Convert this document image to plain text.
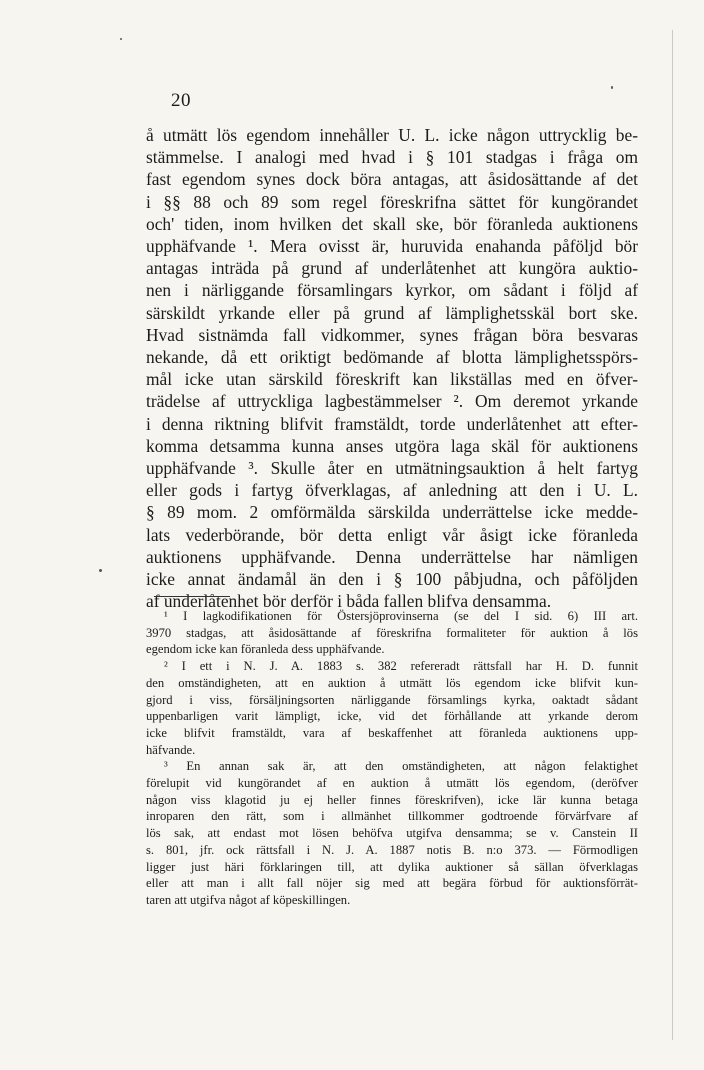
20
å utmätt lös egendom innehåller U. L. icke någon uttrycklig be-
stämmelse. I analogi med hvad i § 101 stadgas i fråga om
fast egendom synes dock böra antagas, att åsidosättande af det
i §§ 88 och 89 som regel föreskrifna sättet för kungörandet
och' tiden, inom hvilken det skall ske, bör föranleda auktionens
upphäfvande ¹. Mera ovisst är, huruvida enahanda påföljd bör
antagas inträda på grund af underlåtenhet att kungöra auktio-
nen i närliggande församlingars kyrkor, om sådant i följd af
särskildt yrkande eller på grund af lämplighetsskäl bort ske.
Hvad sistnämda fall vidkommer, synes frågan böra besvaras
nekande, då ett oriktigt bedömande af blotta lämplighetsspörs-
mål icke utan särskild föreskrift kan likställas med en öfver-
trädelse af uttryckliga lagbestämmelser ². Om deremot yrkande
i denna riktning blifvit framstäldt, torde underlåtenhet att efter-
komma detsamma kunna anses utgöra laga skäl för auktionens
upphäfvande ³. Skulle åter en utmätningsauktion å helt fartyg
eller gods i fartyg öfverklagas, af anledning att den i U. L.
§ 89 mom. 2 omförmälda särskilda underrättelse icke medde-
lats vederbörande, bör detta enligt vår åsigt icke föranleda
auktionens upphäfvande. Denna underrättelse har nämligen
icke annat ändamål än den i § 100 påbjudna, och påföljden
af underlåtenhet bör derför i båda fallen blifva densamma.
¹ I lagkodifikationen för Östersjöprovinserna (se del I sid. 6) III art.
3970 stadgas, att åsidosättande af föreskrifna formaliteter för auktion å lös
egendom icke kan föranleda dess upphäfvande.
² I ett i N. J. A. 1883 s. 382 refereradt rättsfall har H. D. funnit
den omständigheten, att en auktion å utmätt lös egendom icke blifvit kun-
gjord i viss, försäljningsorten närliggande församlings kyrka, oaktadt sådant
uppenbarligen varit lämpligt, icke, vid det förhållande att yrkande derom
icke blifvit framstäldt, vara af beskaffenhet att föranleda auktionens upp-
häfvande.
³ En annan sak är, att den omständigheten, att någon felaktighet
förelupit vid kungörandet af en auktion å utmätt lös egendom, (deröfver
någon viss klagotid ju ej heller finnes föreskrifven), icke lär kunna betaga
inroparen den rätt, som i allmänhet tillkommer godtroende förvärfvare af
lös sak, att endast mot lösen behöfva utgifva densamma; se v. Canstein II
s. 801, jfr. ock rättsfall i N. J. A. 1887 notis B. n:o 373. — Förmodligen
ligger just häri förklaringen till, att dylika auktioner så sällan öfverklagas
eller att man i allt fall nöjer sig med att begära förbud för auktionsförrät-
taren att utgifva något af köpeskillingen.
